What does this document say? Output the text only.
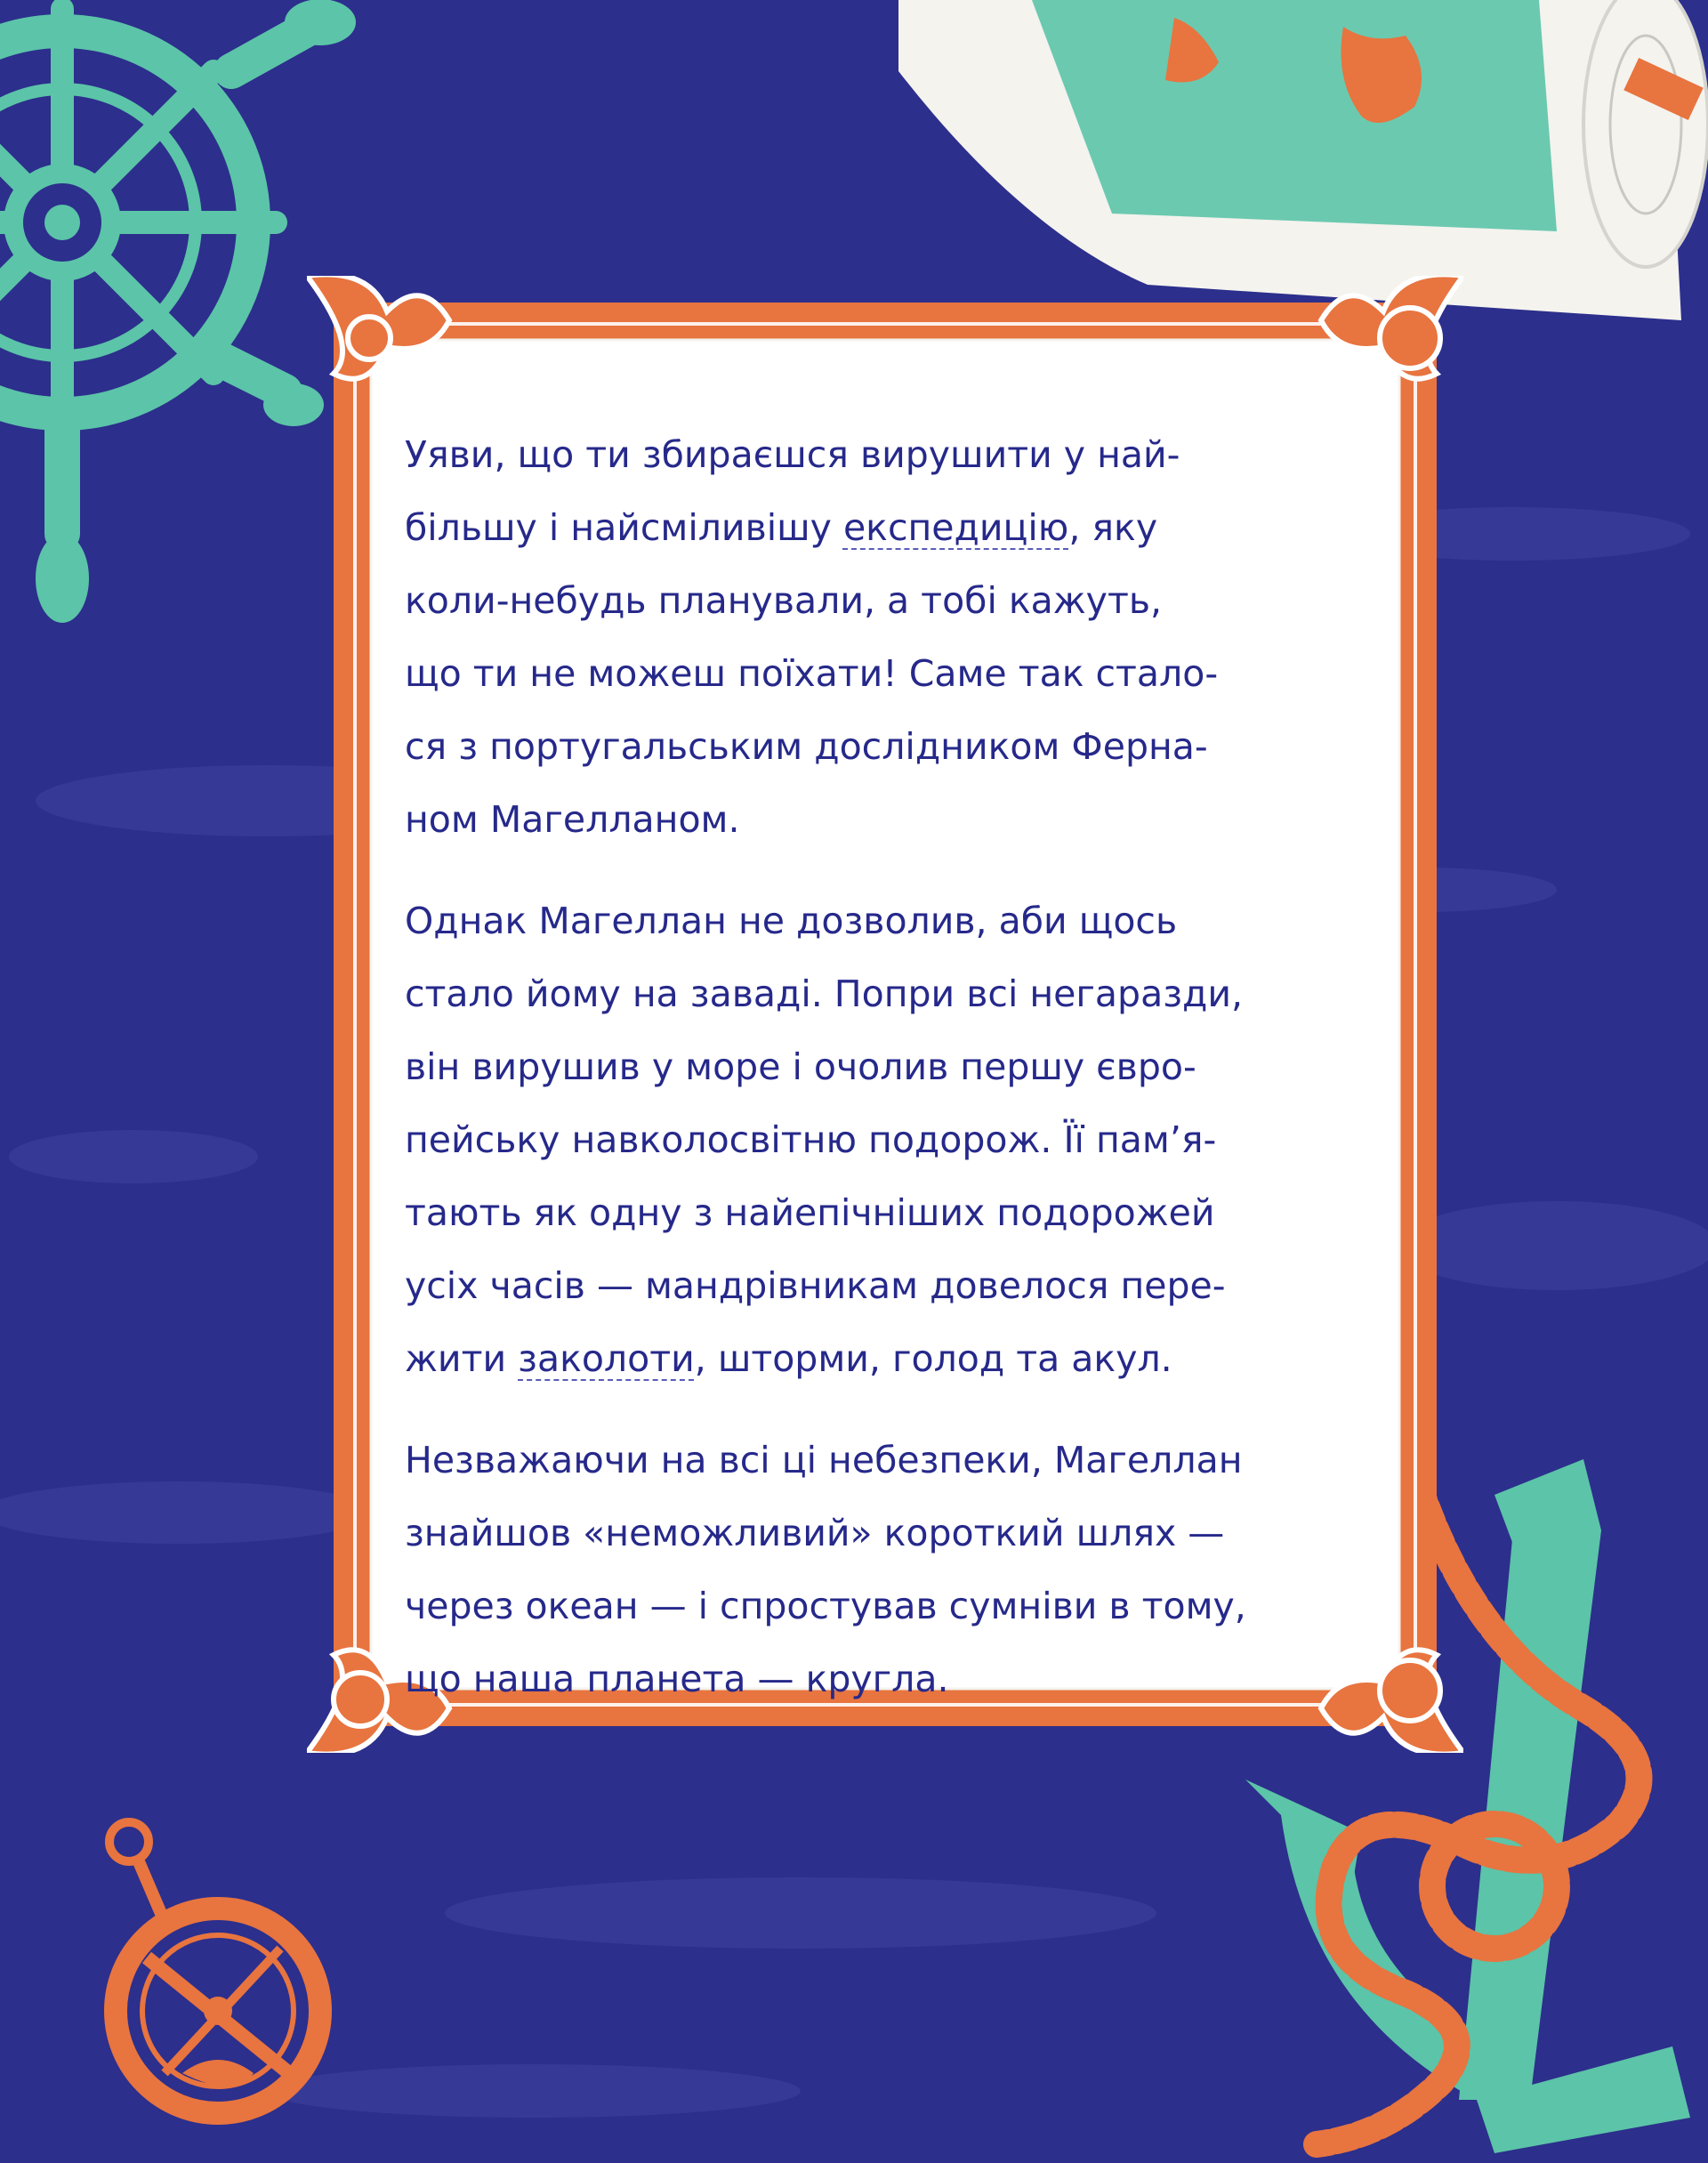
Уяви, що ти збираєшся вирушити у най-
більшу і найсміливішу експедицію, яку
коли-небудь планували, а тобі кажуть,
що ти не можеш поїхати! Саме так стало-
ся з португальським дослідником Ферна-
ном Магелланом.

Однак Магеллан не дозволив, аби щось
стало йому на заваді. Попри всі негаразди,
він вирушив у море і очолив першу євро-
пейську навколосвітню подорож. Її пам’я-
тають як одну з найепічніших подорожей
усіх часів — мандрівникам довелося пере-
жити заколоти, шторми, голод та акул.

Незважаючи на всі ці небезпеки, Магеллан
знайшов «неможливий» короткий шлях —
через океан — і спростував сумніви в тому,
що наша планета — кругла.
